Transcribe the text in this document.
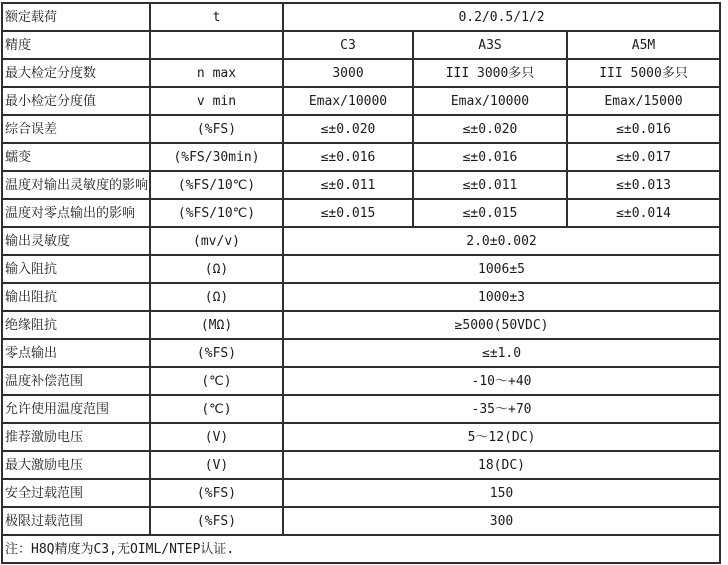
额定载荷	t	0.2/0.5/1/2		
精度		C3	A3S	A5M
最大检定分度数	n max	3000	III 3000多只	III 5000多只
最小检定分度值	v min	Emax/10000	Emax/10000	Emax/15000
综合误差	(%FS)	≤±0.020	≤±0.020	≤±0.016
蠕变	(%FS/30min)	≤±0.016	≤±0.016	≤±0.017
温度对输出灵敏度的影响	(%FS/10℃)	≤±0.011	≤±0.011	≤±0.013
温度对零点输出的影响	(%FS/10℃)	≤±0.015	≤±0.015	≤±0.014
输出灵敏度	(mv/v)	2.0±0.002		
输入阻抗	(Ω)	1006±5		
输出阻抗	(Ω)	1000±3		
绝缘阻抗	(MΩ)	≥5000(50VDC)		
零点输出	(%FS)	≤±1.0		
温度补偿范围	(℃)	-10～+40		
允许使用温度范围	(℃)	-35～+70		
推荐激励电压	(V)	5～12(DC)		
最大激励电压	(V)	18(DC)		
安全过载范围	(%FS)	150		
极限过载范围	(%FS)	300		
注：H8Q精度为C3,无OIML/NTEP认证.				
